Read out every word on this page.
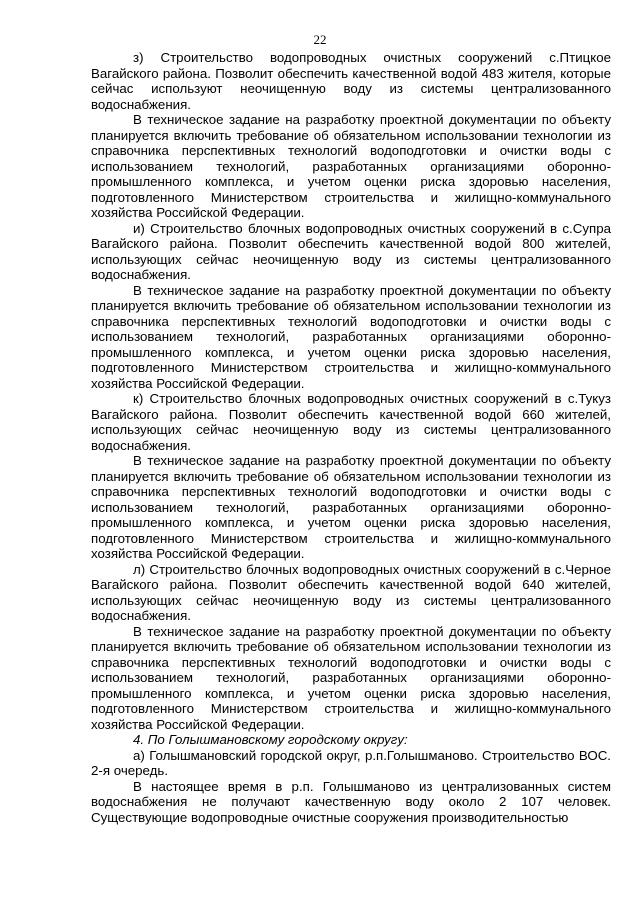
22

з) Строительство водопроводных очистных сооружений с.Птицкое Вагайского района. Позволит обеспечить качественной водой 483 жителя, которые сейчас используют неочищенную воду из системы централизованного водоснабжения.

В техническое задание на разработку проектной документации по объекту планируется включить требование об обязательном использовании технологии из справочника перспективных технологий водоподготовки и очистки воды с использованием технологий, разработанных организациями оборонно-промышленного комплекса, и учетом оценки риска здоровью населения, подготовленного Министерством строительства и жилищно-коммунального хозяйства Российской Федерации.

и) Строительство блочных водопроводных очистных сооружений в с.Супра Вагайского района. Позволит обеспечить качественной водой 800 жителей, использующих сейчас неочищенную воду из системы централизованного водоснабжения.

В техническое задание на разработку проектной документации по объекту планируется включить требование об обязательном использовании технологии из справочника перспективных технологий водоподготовки и очистки воды с использованием технологий, разработанных организациями оборонно-промышленного комплекса, и учетом оценки риска здоровью населения, подготовленного Министерством строительства и жилищно-коммунального хозяйства Российской Федерации.

к) Строительство блочных водопроводных очистных сооружений в с.Тукуз Вагайского района. Позволит обеспечить качественной водой 660 жителей, использующих сейчас неочищенную воду из системы централизованного водоснабжения.

В техническое задание на разработку проектной документации по объекту планируется включить требование об обязательном использовании технологии из справочника перспективных технологий водоподготовки и очистки воды с использованием технологий, разработанных организациями оборонно-промышленного комплекса, и учетом оценки риска здоровью населения, подготовленного Министерством строительства и жилищно-коммунального хозяйства Российской Федерации.

л) Строительство блочных водопроводных очистных сооружений в с.Черное Вагайского района. Позволит обеспечить качественной водой 640 жителей, использующих сейчас неочищенную воду из системы централизованного водоснабжения.

В техническое задание на разработку проектной документации по объекту планируется включить требование об обязательном использовании технологии из справочника перспективных технологий водоподготовки и очистки воды с использованием технологий, разработанных организациями оборонно-промышленного комплекса, и учетом оценки риска здоровью населения, подготовленного Министерством строительства и жилищно-коммунального хозяйства Российской Федерации.

4. По Голышмановскому городскому округу:

а) Голышмановский городской округ, р.п.Голышманово. Строительство ВОС. 2-я очередь.

В настоящее время в р.п. Голышманово из централизованных систем водоснабжения не получают качественную воду около 2 107 человек. Существующие водопроводные очистные сооружения производительностью
